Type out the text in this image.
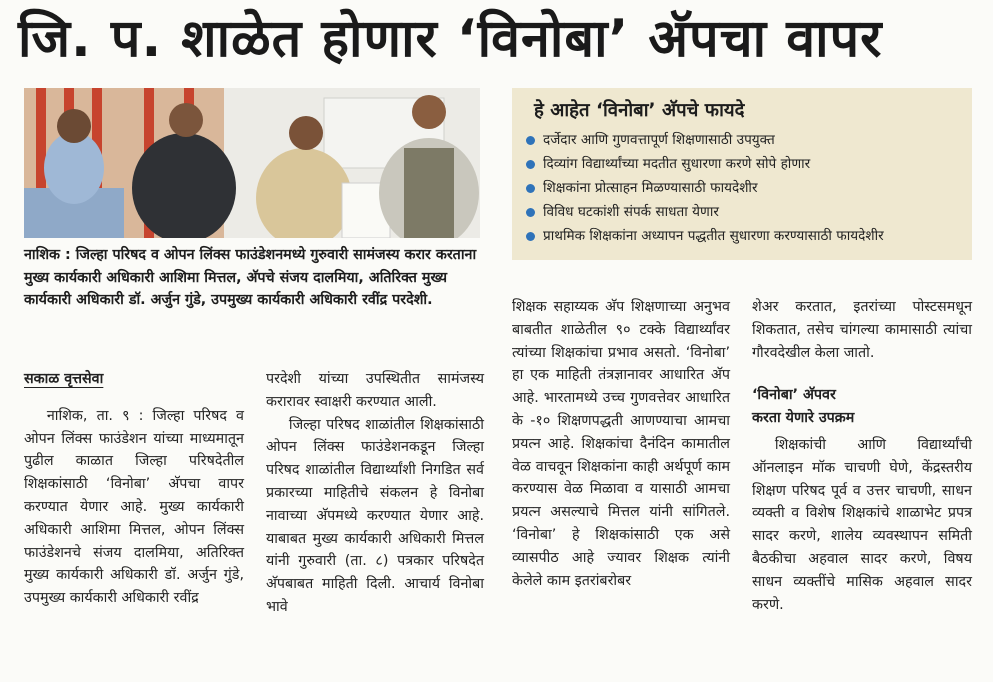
जि. प. शाळेत होणार ‘विनोबा’ अ‍ॅपचा वापर
नाशिक : जिल्हा परिषद व ओपन लिंक्स फाउंडेशनमध्ये गुरुवारी सामंजस्य करार करताना मुख्य कार्यकारी अधिकारी आशिमा मित्तल, अ‍ॅपचे संजय दालमिया, अतिरिक्त मुख्य कार्यकारी अधिकारी डॉ. अर्जुन गुंडे, उपमुख्य कार्यकारी अधिकारी रवींद्र परदेशी.
हे आहेत ‘विनोबा’ अ‍ॅपचे फायदे
दर्जेदार आणि गुणवत्तापूर्ण शिक्षणासाठी उपयुक्त
दिव्यांग विद्यार्थ्यांच्या मदतीत सुधारणा करणे सोपे होणार
शिक्षकांना प्रोत्साहन मिळण्यासाठी फायदेशीर
विविध घटकांशी संपर्क साधता येणार
प्राथमिक शिक्षकांना अध्यापन पद्धतीत सुधारणा करण्यासाठी फायदेशीर

सकाळ वृत्तसेवा

नाशिक, ता. ९ : जिल्हा परिषद व ओपन लिंक्स फाउंडेशन यांच्या माध्यमातून पुढील काळात जिल्हा परिषदेतील शिक्षकांसाठी ‘विनोबा’ अ‍ॅपचा वापर करण्यात येणार आहे. मुख्य कार्यकारी अधिकारी आशिमा मित्तल, ओपन लिंक्स फाउंडेशनचे संजय दालमिया, अतिरिक्त मुख्य कार्यकारी अधिकारी डॉ. अर्जुन गुंडे, उपमुख्य कार्यकारी अधिकारी रवींद्र

परदेशी यांच्या उपस्थितीत सामंजस्य करारावर स्वाक्षरी करण्यात आली.

जिल्हा परिषद शाळांतील शिक्षकांसाठी ओपन लिंक्स फाउंडेशनकडून जिल्हा परिषद शाळांतील विद्यार्थ्यांशी निगडित सर्व प्रकारच्या माहितीचे संकलन हे विनोबा नावाच्या अ‍ॅपमध्ये करण्यात येणार आहे. याबाबत मुख्य कार्यकारी अधिकारी मित्तल यांनी गुरुवारी (ता. ८) पत्रकार परिषदेत अ‍ॅपबाबत माहिती दिली. आचार्य विनोबा भावे

शिक्षक सहाय्यक अ‍ॅप शिक्षणाच्या अनुभव बाबतीत शाळेतील ९० टक्के विद्यार्थ्यांवर त्यांच्या शिक्षकांचा प्रभाव असतो. ‘विनोबा’ हा एक माहिती तंत्रज्ञानावर आधारित अ‍ॅप आहे. भारतामध्ये उच्च गुणवत्तेवर आधारित के -१० शिक्षणपद्धती आणण्याचा आमचा प्रयत्न आहे. शिक्षकांचा दैनंदिन कामातील वेळ वाचवून शिक्षकांना काही अर्थपूर्ण काम करण्यास वेळ मिळावा व यासाठी आमचा प्रयत्न असल्याचे मित्तल यांनी सांगितले. ‘विनोबा’ हे शिक्षकांसाठी एक असे व्यासपीठ आहे ज्यावर शिक्षक त्यांनी केलेले काम इतरांबरोबर

शेअर करतात, इतरांच्या पोस्टसमधून शिकतात, तसेच चांगल्या कामासाठी त्यांचा गौरवदेखील केला जातो.

‘विनोबा’ अ‍ॅपवर

करता येणारे उपक्रम

शिक्षकांची आणि विद्यार्थ्यांची ऑनलाइन मॉक चाचणी घेणे, केंद्रस्तरीय शिक्षण परिषद पूर्व व उत्तर चाचणी, साधन व्यक्ती व विशेष शिक्षकांचे शाळाभेट प्रपत्र सादर करणे, शालेय व्यवस्थापन समिती बैठकीचा अहवाल सादर करणे, विषय साधन व्यक्तींचे मासिक अहवाल सादर करणे.
